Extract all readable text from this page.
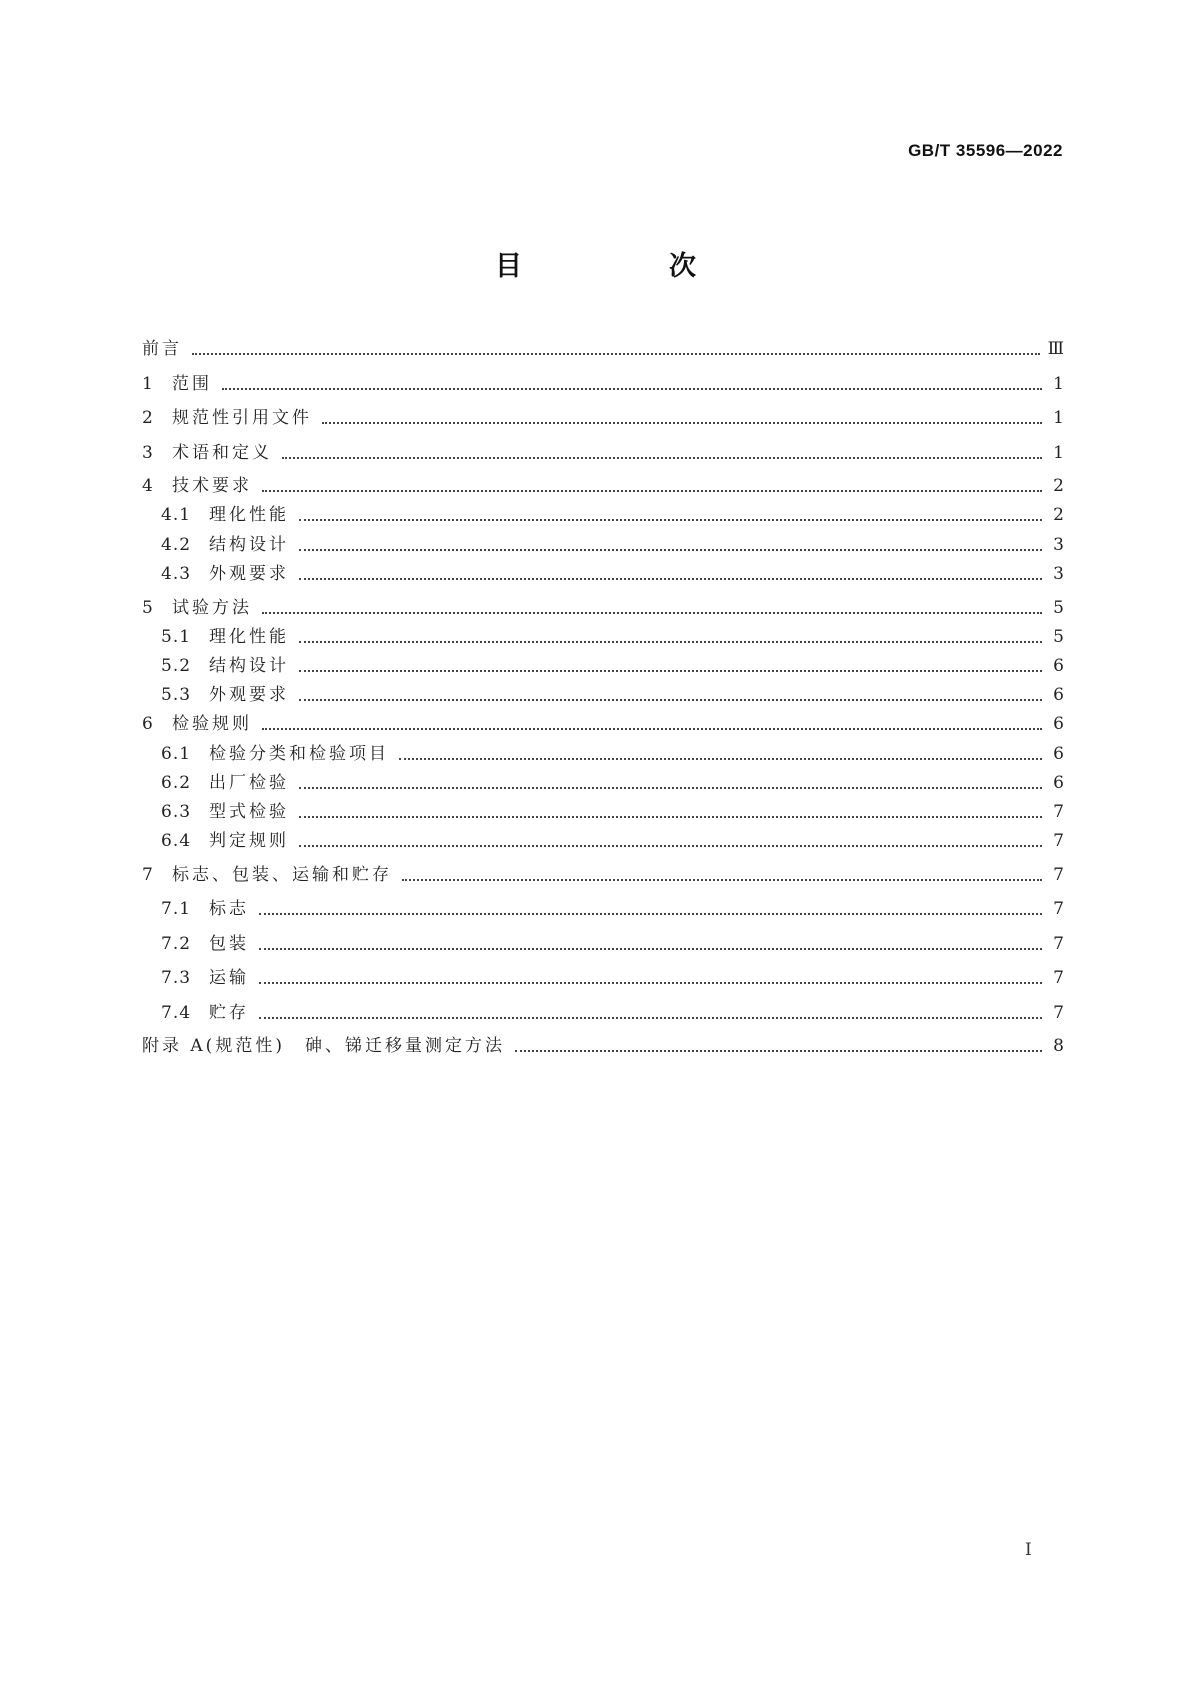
GB/T 35596—2022
目　次
前言	Ⅲ
1	范围	1
2	规范性引用文件	1
3	术语和定义	1
4	技术要求	2
4.1	理化性能	2
4.2	结构设计	3
4.3	外观要求	3
5	试验方法	5
5.1	理化性能	5
5.2	结构设计	6
5.3	外观要求	6
6	检验规则	6
6.1	检验分类和检验项目	6
6.2	出厂检验	6
6.3	型式检验	7
6.4	判定规则	7
7	标志、包装、运输和贮存	7
7.1	标志	7
7.2	包装	7
7.3	运输	7
7.4	贮存	7
附录 A(规范性)　砷、锑迁移量测定方法	8
I
